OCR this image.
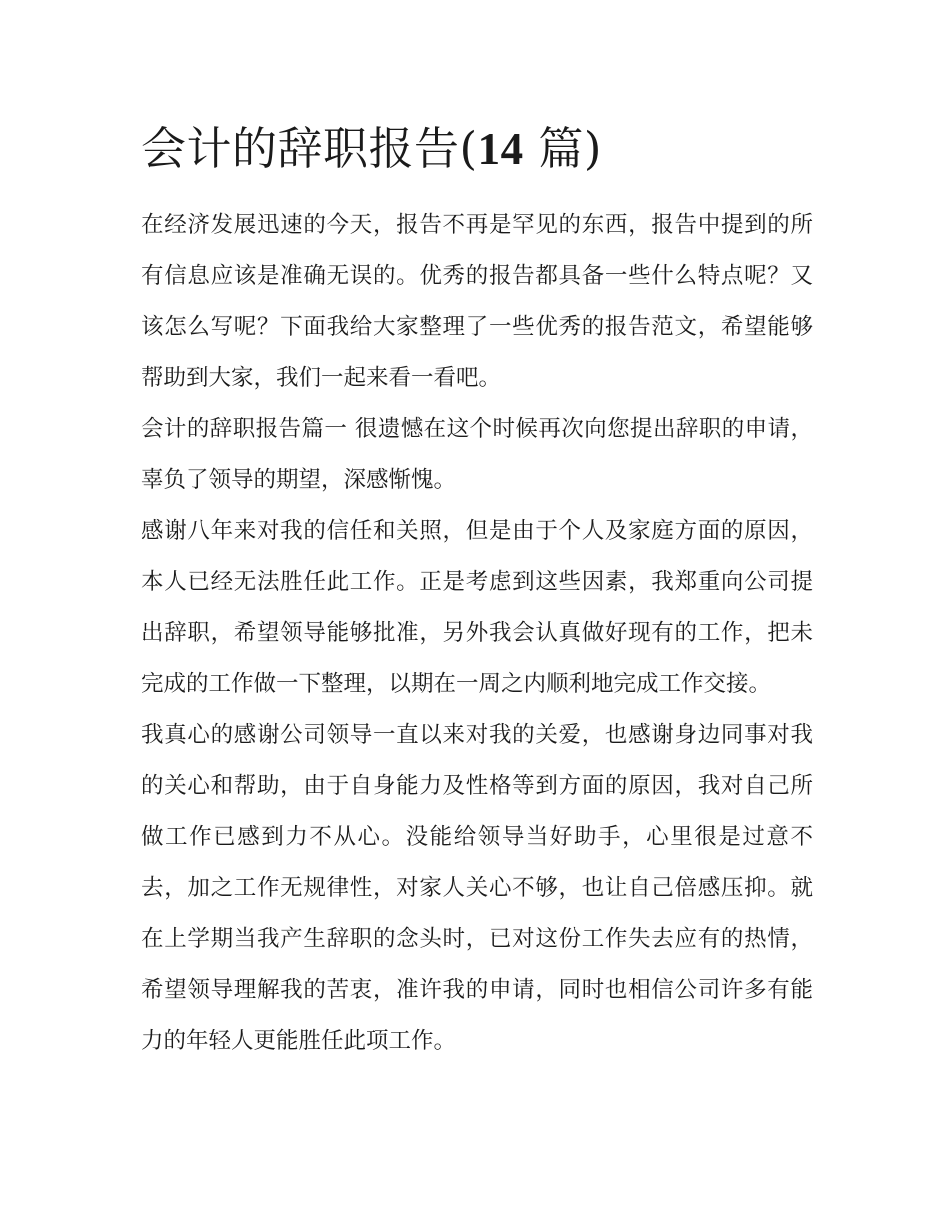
会计的辞职报告(14 篇)

在经济发展迅速的今天，报告不再是罕见的东西，报告中提到的所有信息应该是准确无误的。优秀的报告都具备一些什么特点呢？又该怎么写呢？下面我给大家整理了一些优秀的报告范文，希望能够帮助到大家，我们一起来看一看吧。

会计的辞职报告篇一 很遗憾在这个时候再次向您提出辞职的申请，辜负了领导的期望，深感惭愧。

感谢八年来对我的信任和关照，但是由于个人及家庭方面的原因，本人已经无法胜任此工作。正是考虑到这些因素，我郑重向公司提出辞职，希望领导能够批准，另外我会认真做好现有的工作，把未完成的工作做一下整理，以期在一周之内顺利地完成工作交接。

我真心的感谢公司领导一直以来对我的关爱，也感谢身边同事对我的关心和帮助，由于自身能力及性格等到方面的原因，我对自己所做工作已感到力不从心。没能给领导当好助手，心里很是过意不去，加之工作无规律性，对家人关心不够，也让自己倍感压抑。就在上学期当我产生辞职的念头时，已对这份工作失去应有的热情，希望领导理解我的苦衷，准许我的申请，同时也相信公司许多有能力的年轻人更能胜任此项工作。
